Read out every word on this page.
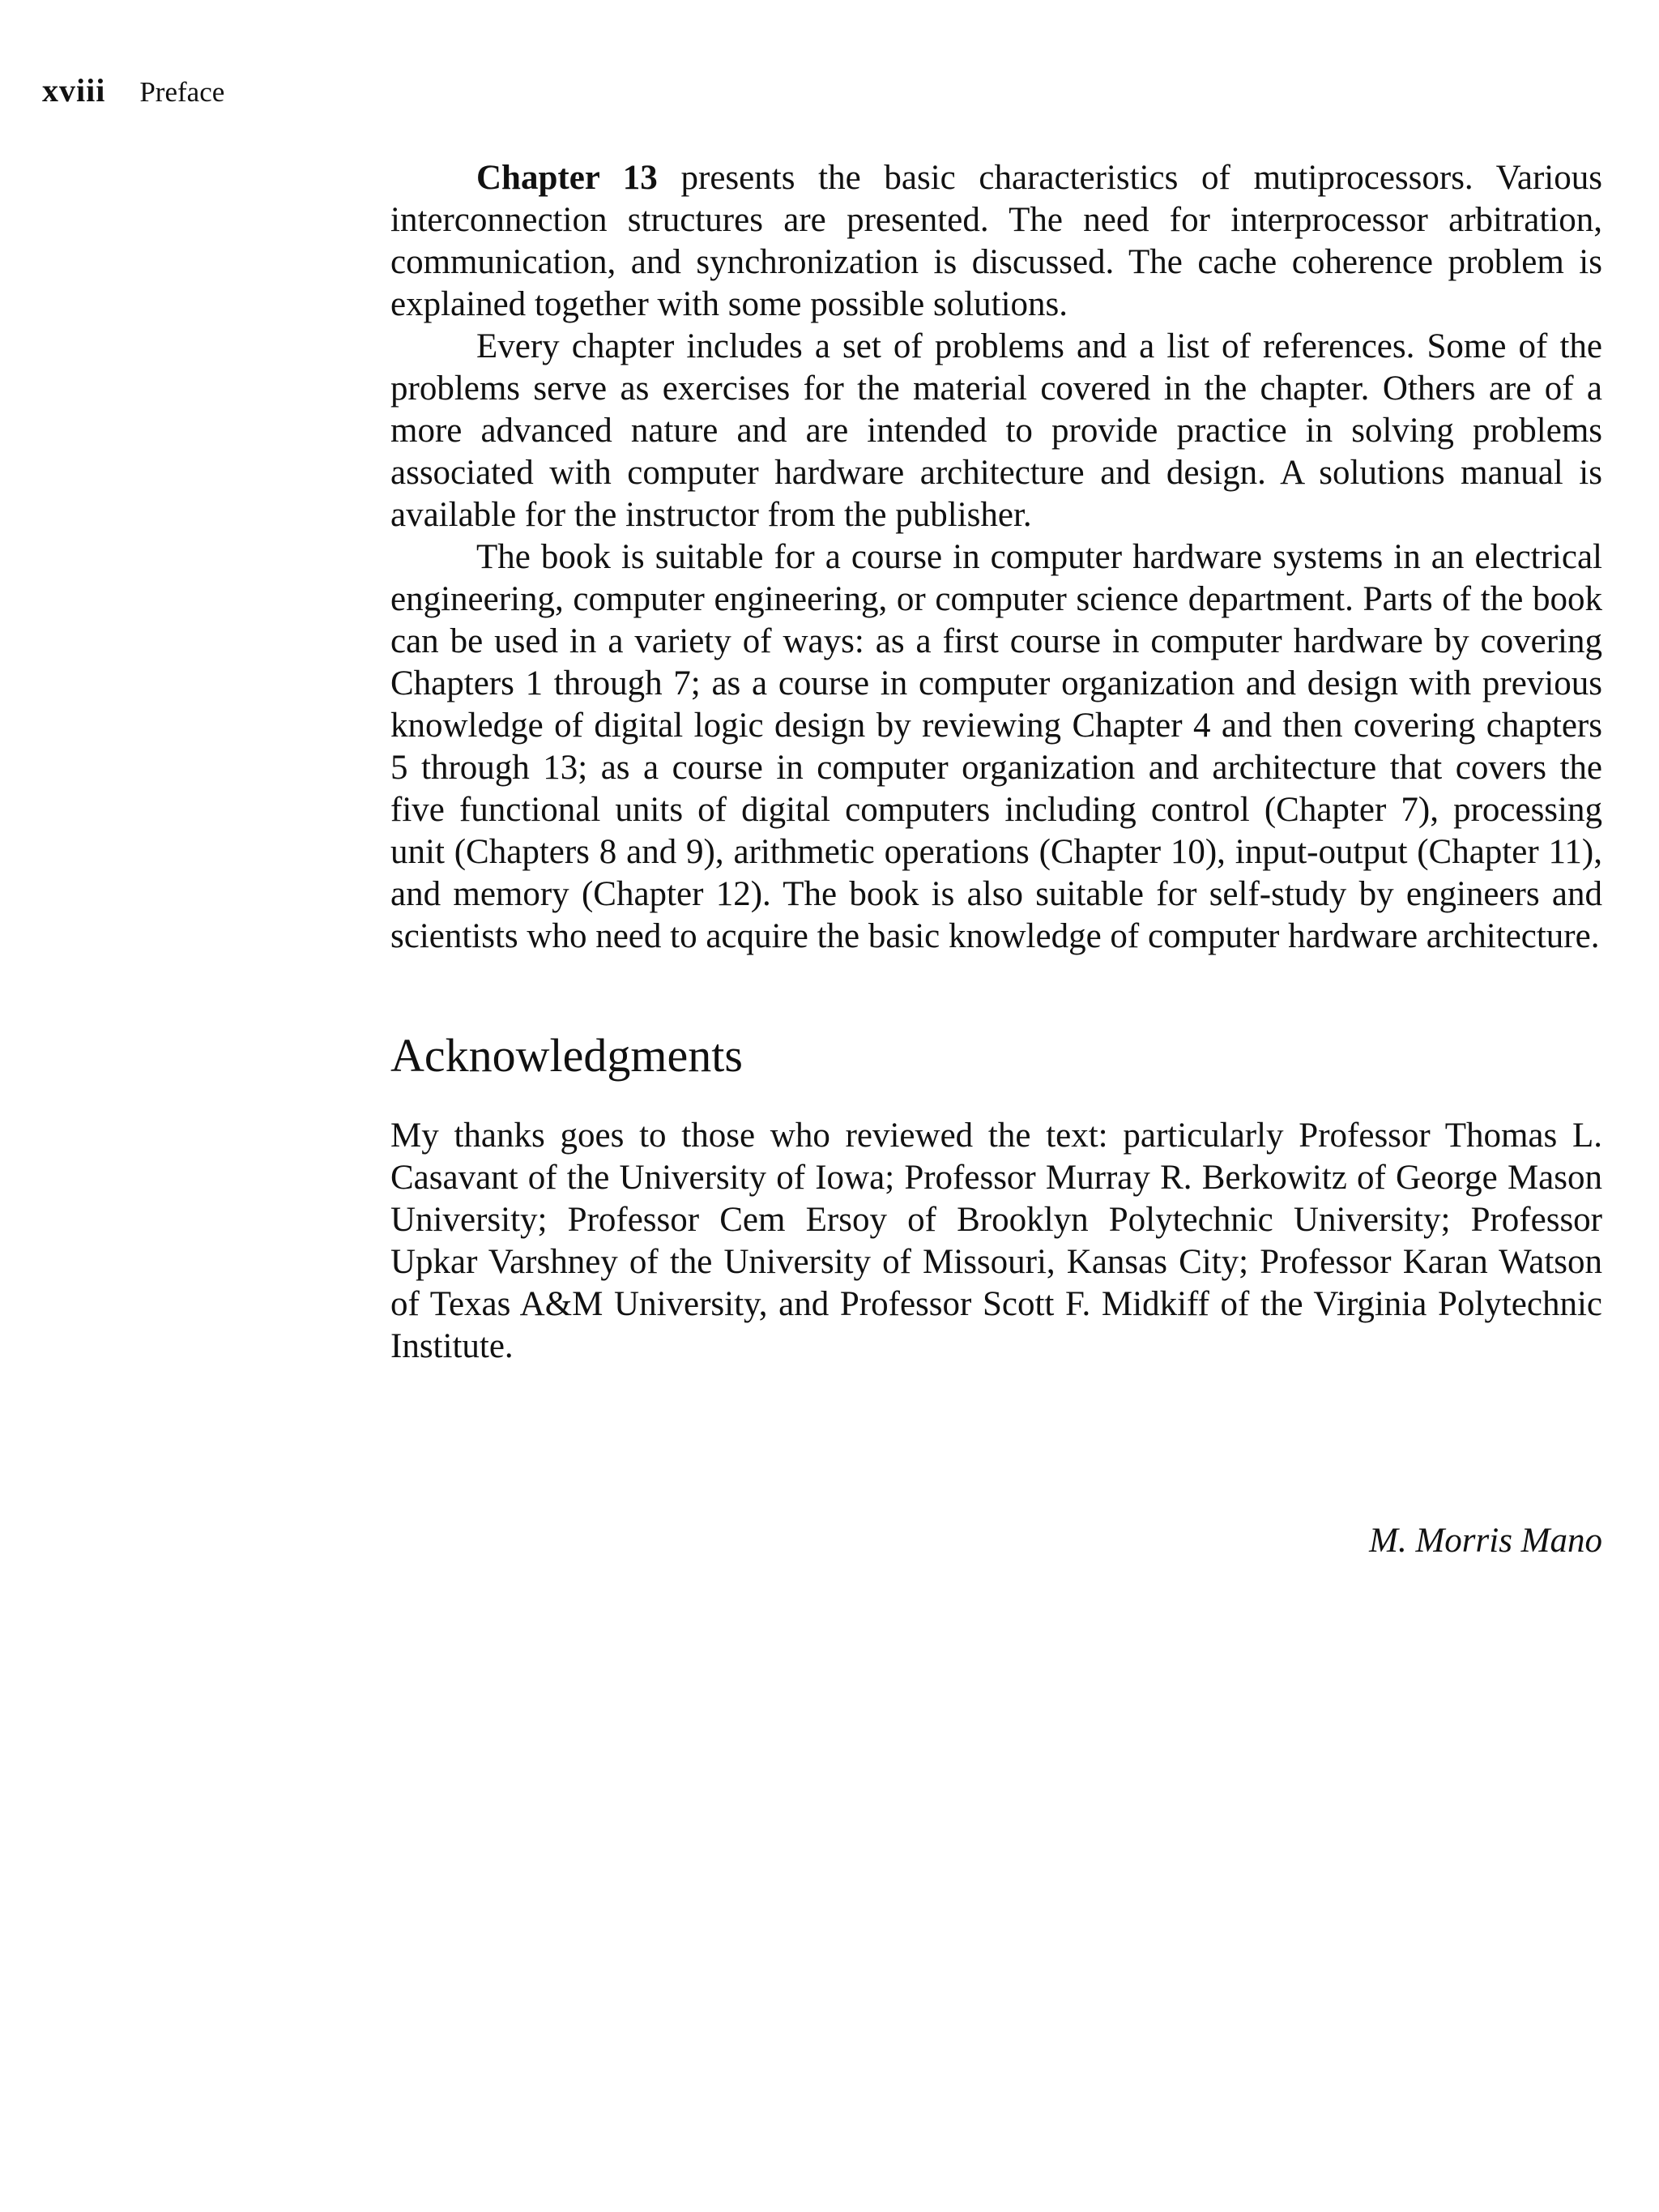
xviii Preface

Chapter 13 presents the basic characteristics of mutiprocessors. Various interconnection structures are presented. The need for interprocessor arbitration, communication, and synchronization is discussed. The cache coherence problem is explained together with some possible solutions.

Every chapter includes a set of problems and a list of references. Some of the problems serve as exercises for the material covered in the chapter. Others are of a more advanced nature and are intended to provide practice in solving problems associated with computer hardware architecture and design. A solutions manual is available for the instructor from the publisher.

The book is suitable for a course in computer hardware systems in an electrical engineering, computer engineering, or computer science department. Parts of the book can be used in a variety of ways: as a first course in computer hardware by covering Chapters 1 through 7; as a course in computer organization and design with previous knowledge of digital logic design by reviewing Chapter 4 and then covering chapters 5 through 13; as a course in computer organization and architecture that covers the five functional units of digital computers including control (Chapter 7), processing unit (Chapters 8 and 9), arithmetic operations (Chapter 10), input-output (Chapter 11), and memory (Chapter 12). The book is also suitable for self-study by engineers and scientists who need to acquire the basic knowledge of computer hardware architecture.

Acknowledgments

My thanks goes to those who reviewed the text: particularly Professor Thomas L. Casavant of the University of Iowa; Professor Murray R. Berkowitz of George Mason University; Professor Cem Ersoy of Brooklyn Polytechnic University; Professor Upkar Varshney of the University of Missouri, Kansas City; Professor Karan Watson of Texas A&M University, and Professor Scott F. Midkiff of the Virginia Polytechnic Institute.

M. Morris Mano
